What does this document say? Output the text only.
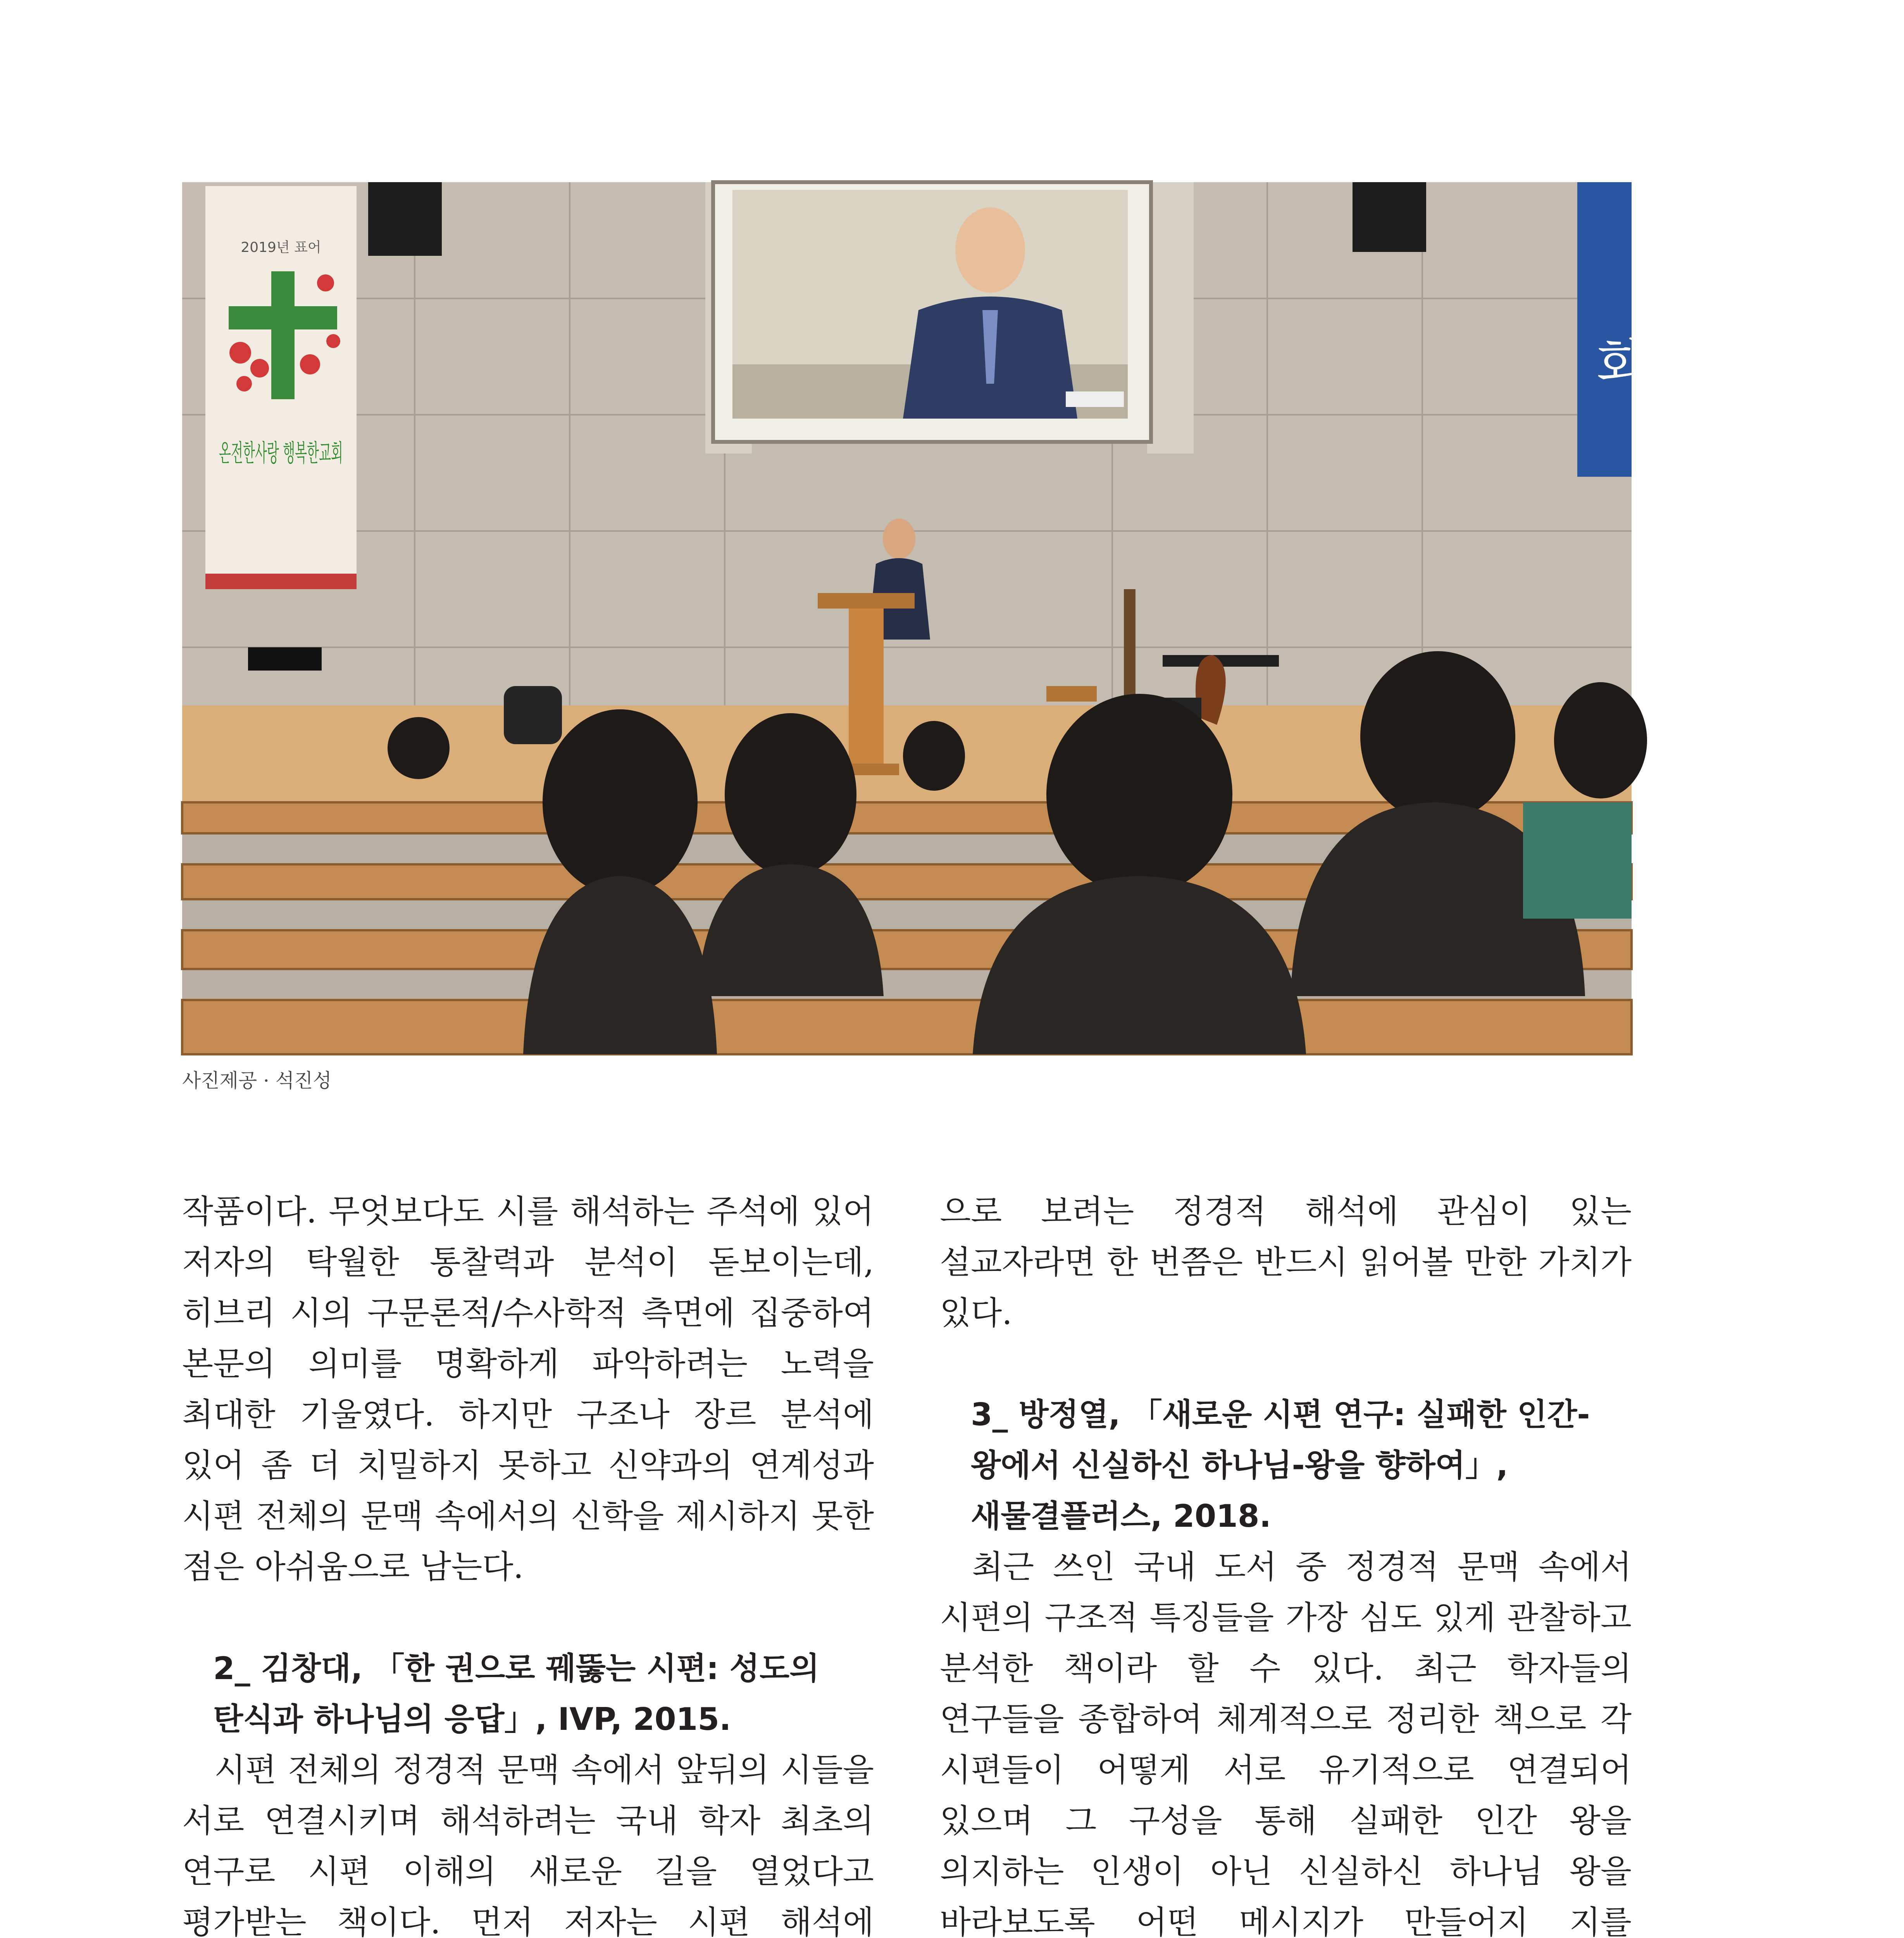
2019년 표어
온전한사랑 행복한교회
화
사진제공 · 석진성

작품이다. 무엇보다도 시를 해석하는 주석에 있어 저자의 탁월한 통찰력과 분석이 돋보이는데, 히브리 시의 구문론적/수사학적 측면에 집중하여 본문의 의미를 명확하게 파악하려는 노력을 최대한 기울였다. 하지만 구조나 장르 분석에 있어 좀 더 치밀하지 못하고 신약과의 연계성과 시편 전체의 문맥 속에서의 신학을 제시하지 못한 점은 아쉬움으로 남는다.

2_ 김창대, 「한 권으로 꿰뚫는 시편: 성도의 탄식과 하나님의 응답」, IVP, 2015.

시편 전체의 정경적 문맥 속에서 앞뒤의 시들을 서로 연결시키며 해석하려는 국내 학자 최초의 연구로 시편 이해의 새로운 길을 열었다고 평가받는 책이다. 먼저 저자는 시편 해석에

으로 보려는 정경적 해석에 관심이 있는 설교자라면 한 번쯤은 반드시 읽어볼 만한 가치가 있다.

3_ 방정열, 「새로운 시편 연구: 실패한 인간-왕에서 신실하신 하나님-왕을 향하여」, 새물결플러스, 2018.

최근 쓰인 국내 도서 중 정경적 문맥 속에서 시편의 구조적 특징들을 가장 심도 있게 관찰하고 분석한 책이라 할 수 있다. 최근 학자들의 연구들을 종합하여 체계적으로 정리한 책으로 각 시편들이 어떻게 서로 유기적으로 연결되어 있으며 그 구성을 통해 실패한 인간 왕을 의지하는 인생이 아닌 신실하신 하나님 왕을 바라보도록 어떤 메시지가 만들어지 지를
